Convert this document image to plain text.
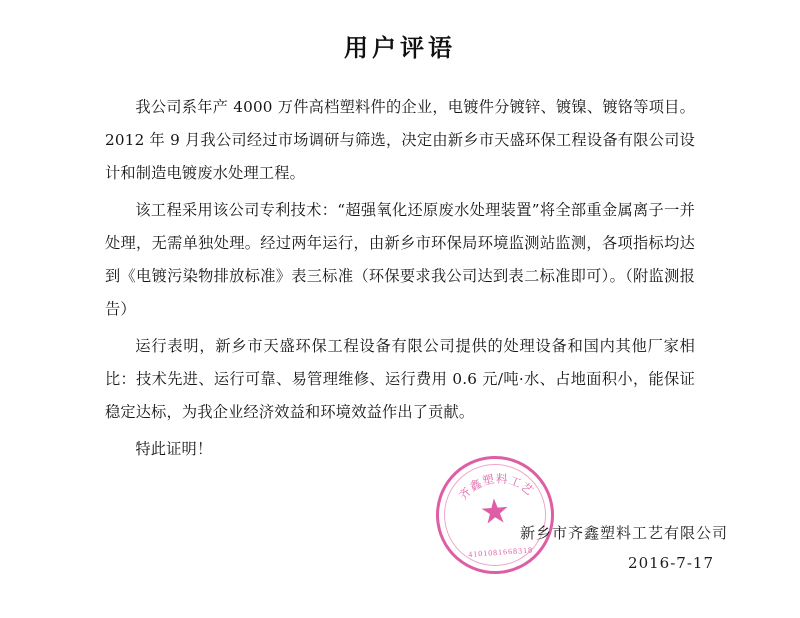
用户评语

我公司系年产 4000 万件高档塑料件的企业，电镀件分镀锌、镀镍、镀铬等项目。2012 年 9 月我公司经过市场调研与筛选，决定由新乡市天盛环保工程设备有限公司设计和制造电镀废水处理工程。

该工程采用该公司专利技术：“超强氧化还原废水处理装置”将全部重金属离子一并处理，无需单独处理。经过两年运行，由新乡市环保局环境监测站监测，各项指标均达到《电镀污染物排放标准》表三标准（环保要求我公司达到表二标准即可）。（附监测报告）

运行表明，新乡市天盛环保工程设备有限公司提供的处理设备和国内其他厂家相比：技术先进、运行可靠、易管理维修、运行费用 0.6 元/吨·水、占地面积小，能保证稳定达标，为我企业经济效益和环境效益作出了贡献。

特此证明！

齐鑫塑料工艺
★
4101081668318
新乡市齐鑫塑料工艺有限公司
2016-7-17
